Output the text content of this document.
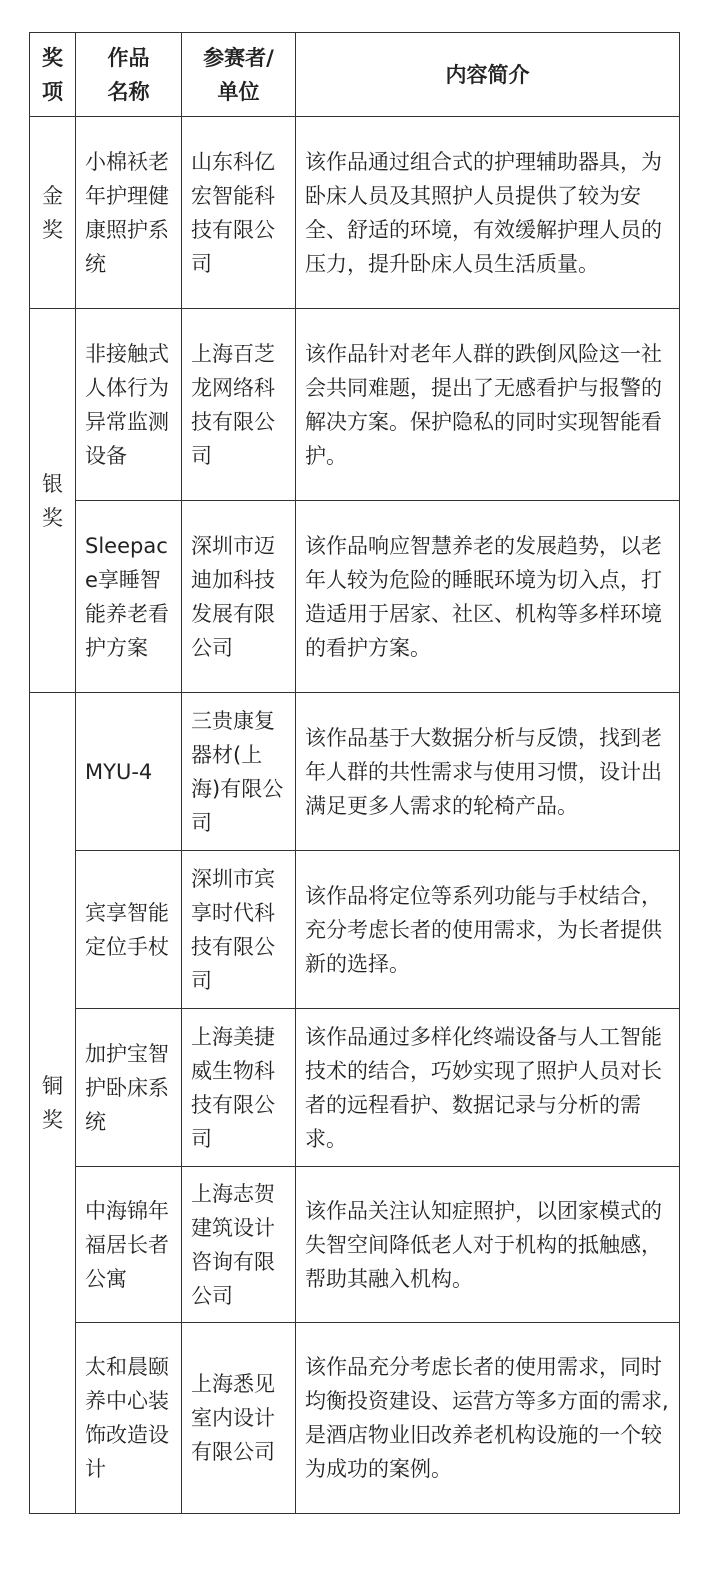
奖项	作品名称	参赛者/单位	内容简介

金奖	小棉袄老年护理健康照护系统	山东科亿宏智能科技有限公司	该作品通过组合式的护理辅助器具，为卧床人员及其照护人员提供了较为安全、舒适的环境，有效缓解护理人员的压力，提升卧床人员生活质量。

银奖	非接触式人体行为异常监测设备	上海百芝龙网络科技有限公司	该作品针对老年人群的跌倒风险这一社会共同难题，提出了无感看护与报警的解决方案。保护隐私的同时实现智能看护。
	Sleepace享睡智能养老看护方案	深圳市迈迪加科技发展有限公司	该作品响应智慧养老的发展趋势，以老年人较为危险的睡眠环境为切入点，打造适用于居家、社区、机构等多样环境的看护方案。

铜奖	MYU-4	三贵康复器材(上海)有限公司	该作品基于大数据分析与反馈，找到老年人群的共性需求与使用习惯，设计出满足更多人需求的轮椅产品。
	宾享智能定位手杖	深圳市宾享时代科技有限公司	该作品将定位等系列功能与手杖结合，充分考虑长者的使用需求，为长者提供新的选择。
	加护宝智护卧床系统	上海美捷威生物科技有限公司	该作品通过多样化终端设备与人工智能技术的结合，巧妙实现了照护人员对长者的远程看护、数据记录与分析的需求。
	中海锦年福居长者公寓	上海志贺建筑设计咨询有限公司	该作品关注认知症照护，以团家模式的失智空间降低老人对于机构的抵触感，帮助其融入机构。
	太和晨颐养中心装饰改造设计	上海悉见室内设计有限公司	该作品充分考虑长者的使用需求，同时均衡投资建设、运营方等多方面的需求,是酒店物业旧改养老机构设施的一个较为成功的案例。
